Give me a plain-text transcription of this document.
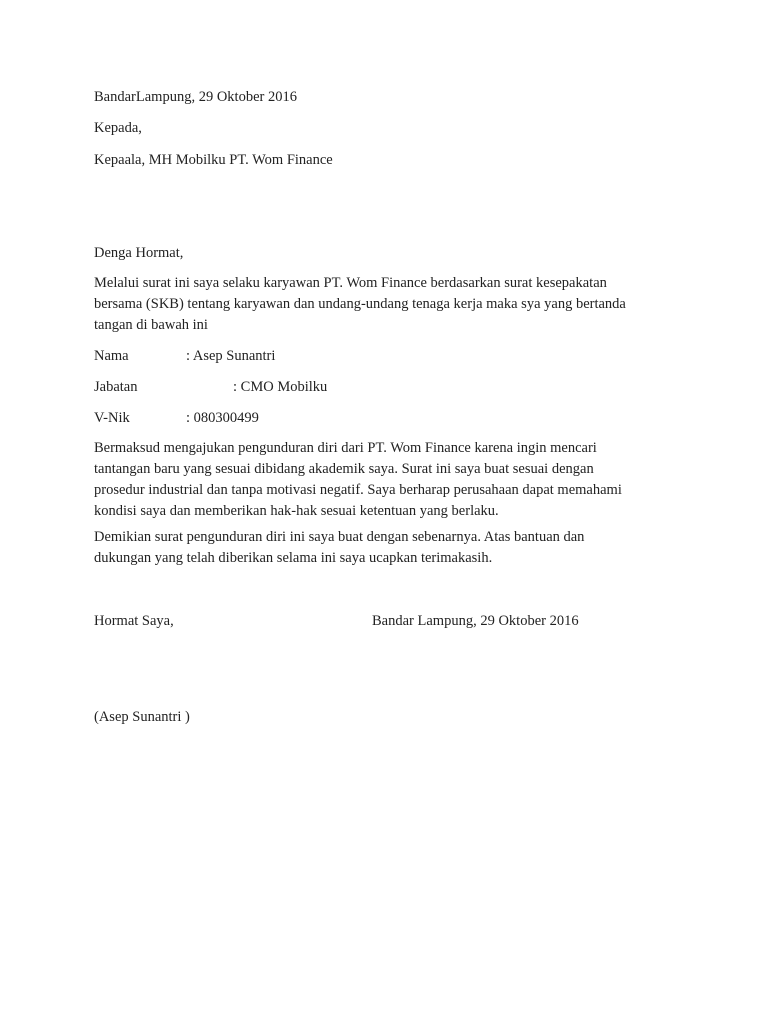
BandarLampung, 29 Oktober 2016
Kepada,
Kepaala, MH Mobilku PT. Wom Finance
Denga Hormat,
Melalui surat ini saya selaku karyawan PT. Wom Finance berdasarkan surat kesepakatan
bersama (SKB) tentang karyawan dan undang-undang tenaga kerja maka sya yang bertanda
tangan di bawah ini
Nama	: Asep Sunantri
Jabatan	: CMO Mobilku
V-Nik	: 080300499
Bermaksud mengajukan pengunduran diri dari PT. Wom Finance karena ingin mencari
tantangan baru yang sesuai dibidang akademik saya. Surat ini saya buat sesuai dengan
prosedur industrial dan tanpa motivasi negatif. Saya berharap perusahaan dapat memahami
kondisi saya dan memberikan hak-hak sesuai ketentuan yang berlaku.
Demikian surat pengunduran diri ini saya buat dengan sebenarnya. Atas bantuan dan
dukungan yang telah diberikan selama ini saya ucapkan terimakasih.
Hormat Saya,	Bandar Lampung, 29 Oktober 2016
(Asep Sunantri )
